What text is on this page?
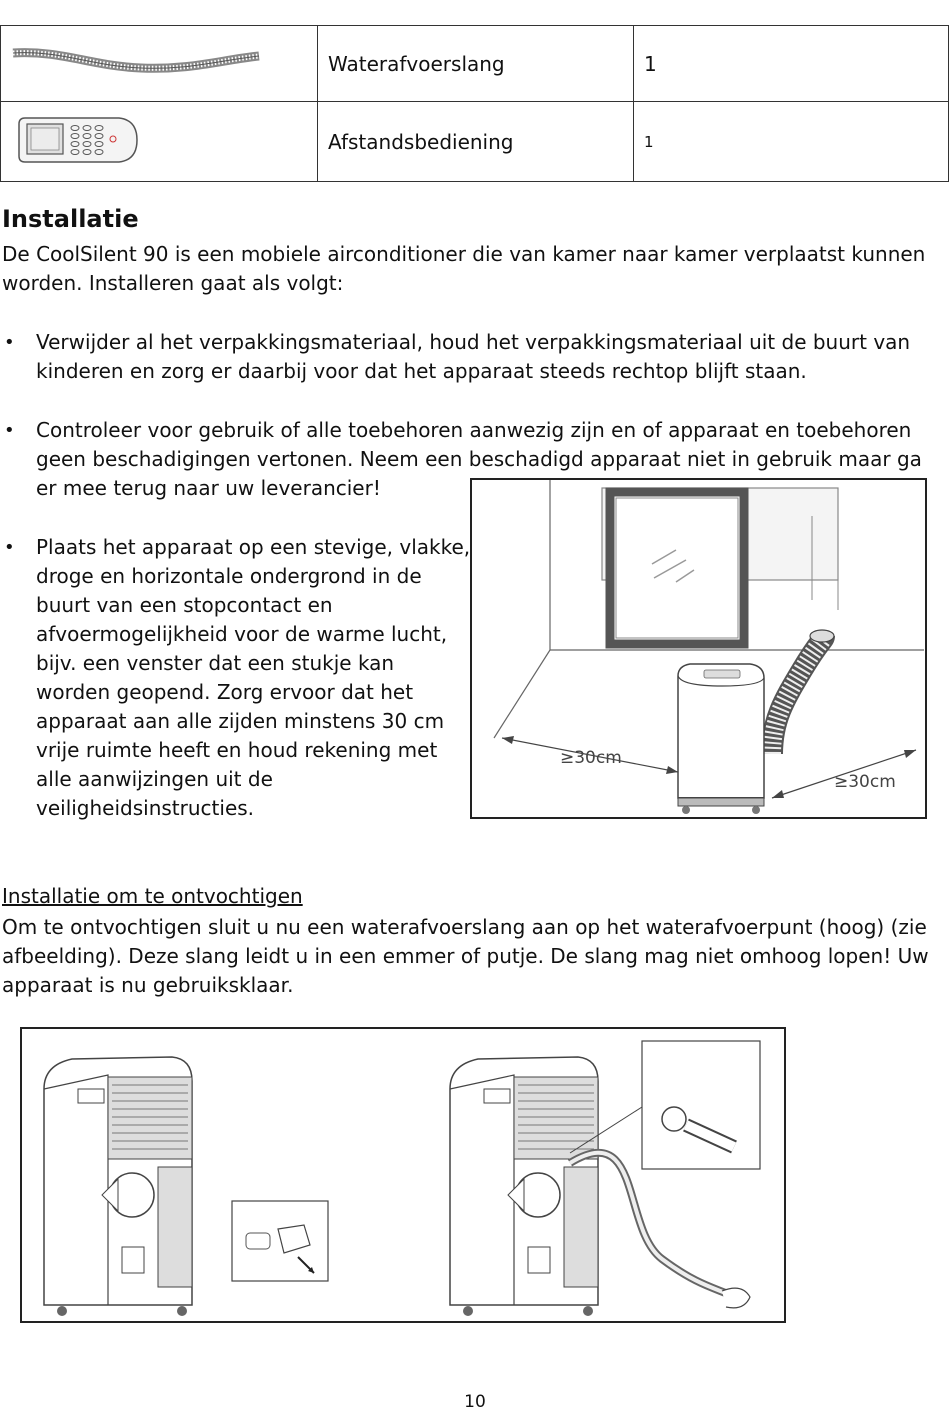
	Waterafvoerslang	1
	Afstandsbediening	1
Installatie
De CoolSilent 90 is een mobiele airconditioner die van kamer naar kamer verplaatst kunnen worden. Installeren gaat als volgt:
• Verwijder al het verpakkingsmateriaal, houd het verpakkingsmateriaal uit de buurt van kinderen en zorg er daarbij voor dat het apparaat steeds rechtop blijft staan.
• Controleer voor gebruik of alle toebehoren aanwezig zijn en of apparaat en toebehoren geen beschadigingen vertonen. Neem een beschadigd apparaat niet in gebruik maar ga er mee terug naar uw leverancier!
• Plaats het apparaat op een stevige, vlakke, droge en horizontale ondergrond in de buurt van een stopcontact en afvoermogelijkheid voor de warme lucht, bijv. een venster dat een stukje kan worden geopend. Zorg ervoor dat het apparaat aan alle zijden minstens 30 cm vrije ruimte heeft en houd rekening met alle aanwijzingen uit de veiligheidsinstructies.
≥30cm
≥30cm
Installatie om te ontvochtigen
Om te ontvochtigen sluit u nu een waterafvoerslang aan op het waterafvoerpunt (hoog) (zie afbeelding). Deze slang leidt u in een emmer of putje. De slang mag niet omhoog lopen! Uw apparaat is nu gebruiksklaar.
10
